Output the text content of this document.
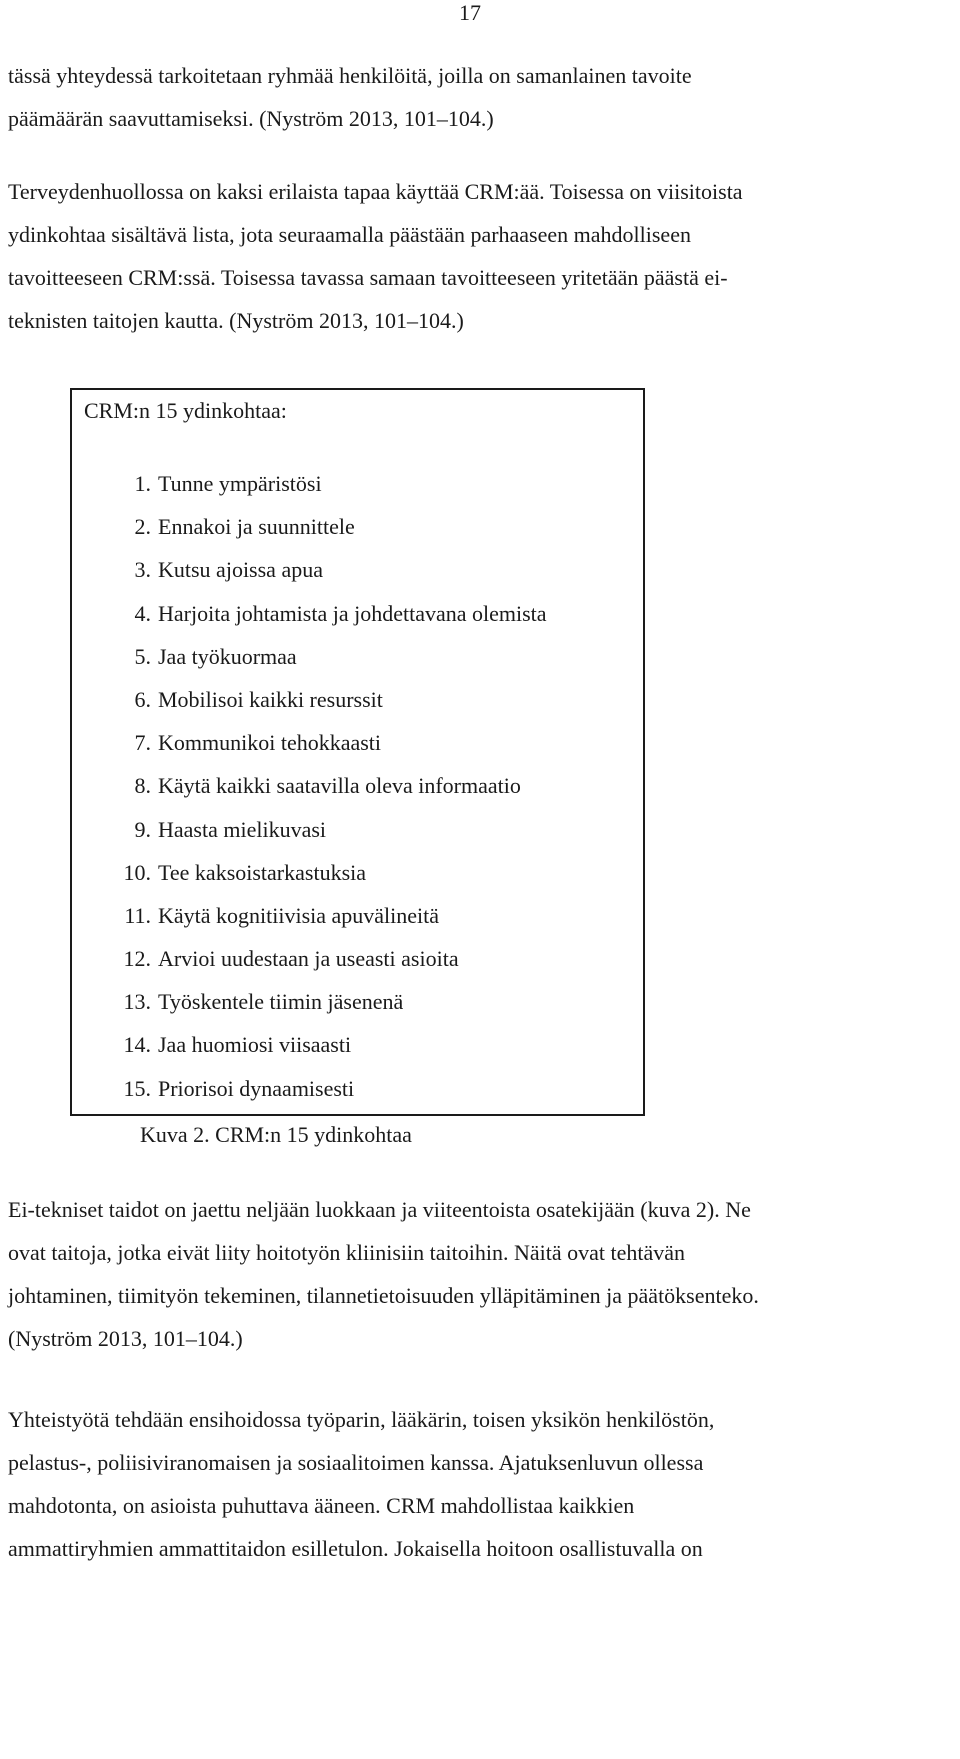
17

tässä yhteydessä tarkoitetaan ryhmää henkilöitä, joilla on samanlainen tavoite
päämäärän saavuttamiseksi. (Nyström 2013, 101–104.)

Terveydenhuollossa on kaksi erilaista tapaa käyttää CRM:ää. Toisessa on viisitoista
ydinkohtaa sisältävä lista, jota seuraamalla päästään parhaaseen mahdolliseen
tavoitteeseen CRM:ssä. Toisessa tavassa samaan tavoitteeseen yritetään päästä ei-
teknisten taitojen kautta. (Nyström 2013, 101–104.)

CRM:n 15 ydinkohtaa:
1. Tunne ympäristösi
2. Ennakoi ja suunnittele
3. Kutsu ajoissa apua
4. Harjoita johtamista ja johdettavana olemista
5. Jaa työkuormaa
6. Mobilisoi kaikki resurssit
7. Kommunikoi tehokkaasti
8. Käytä kaikki saatavilla oleva informaatio
9. Haasta mielikuvasi
10. Tee kaksoistarkastuksia
11. Käytä kognitiivisia apuvälineitä
12. Arvioi uudestaan ja useasti asioita
13. Työskentele tiimin jäsenenä
14. Jaa huomiosi viisaasti
15. Priorisoi dynaamisesti
Kuva 2. CRM:n 15 ydinkohtaa

Ei-tekniset taidot on jaettu neljään luokkaan ja viiteentoista osatekijään (kuva 2). Ne
ovat taitoja, jotka eivät liity hoitotyön kliinisiin taitoihin. Näitä ovat tehtävän
johtaminen, tiimityön tekeminen, tilannetietoisuuden ylläpitäminen ja päätöksenteko.
(Nyström 2013, 101–104.)

Yhteistyötä tehdään ensihoidossa työparin, lääkärin, toisen yksikön henkilöstön,
pelastus-, poliisiviranomaisen ja sosiaalitoimen kanssa. Ajatuksenluvun ollessa
mahdotonta, on asioista puhuttava ääneen. CRM mahdollistaa kaikkien
ammattiryhmien ammattitaidon esilletulon. Jokaisella hoitoon osallistuvalla on
